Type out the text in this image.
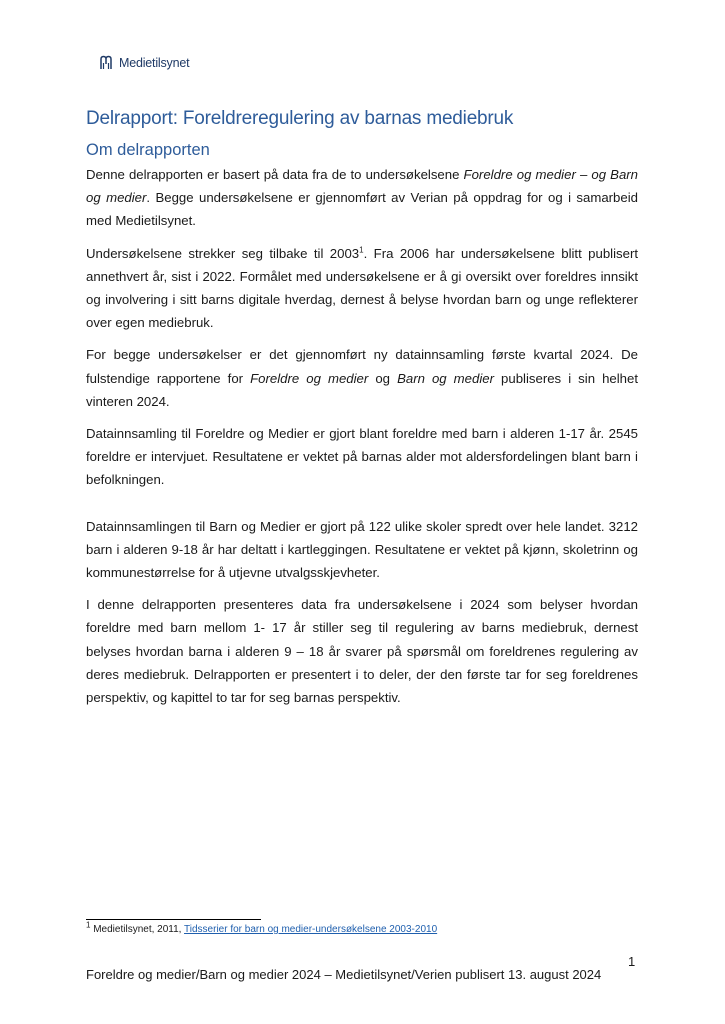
Medietilsynet
Delrapport: Foreldreregulering av barnas mediebruk
Om delrapporten

Denne delrapporten er basert på data fra de to undersøkelsene Foreldre og medier – og Barn og medier. Begge undersøkelsene er gjennomført av Verian på oppdrag for og i samarbeid med Medietilsynet.

Undersøkelsene strekker seg tilbake til 2003$^1$. Fra 2006 har undersøkelsene blitt publisert annethvert år, sist i 2022. Formålet med undersøkelsene er å gi oversikt over foreldres innsikt og involvering i sitt barns digitale hverdag, dernest å belyse hvordan barn og unge reflekterer over egen mediebruk.

For begge undersøkelser er det gjennomført ny datainnsamling første kvartal 2024. De fulstendige rapportene for Foreldre og medier og Barn og medier publiseres i sin helhet vinteren 2024.

Datainnsamling til Foreldre og Medier er gjort blant foreldre med barn i alderen 1-17 år. 2545 foreldre er intervjuet. Resultatene er vektet på barnas alder mot aldersfordelingen blant barn i befolkningen.

Datainnsamlingen til Barn og Medier er gjort på 122 ulike skoler spredt over hele landet. 3212 barn i alderen 9-18 år har deltatt i kartleggingen. Resultatene er vektet på kjønn, skoletrinn og kommunestørrelse for å utjevne utvalgsskjevheter.

I denne delrapporten presenteres data fra undersøkelsene i 2024 som belyser hvordan foreldre med barn mellom 1- 17 år stiller seg til regulering av barns mediebruk, dernest belyses hvordan barna i alderen 9 – 18 år svarer på spørsmål om foreldrenes regulering av deres mediebruk. Delrapporten er presentert i to deler, der den første tar for seg foreldrenes perspektiv, og kapittel to tar for seg barnas perspektiv.

$^1$ Medietilsynet, 2011, Tidsserier for barn og medier-undersøkelsene 2003-2010
1
Foreldre og medier/Barn og medier 2024 – Medietilsynet/Verien publisert 13. august 2024
